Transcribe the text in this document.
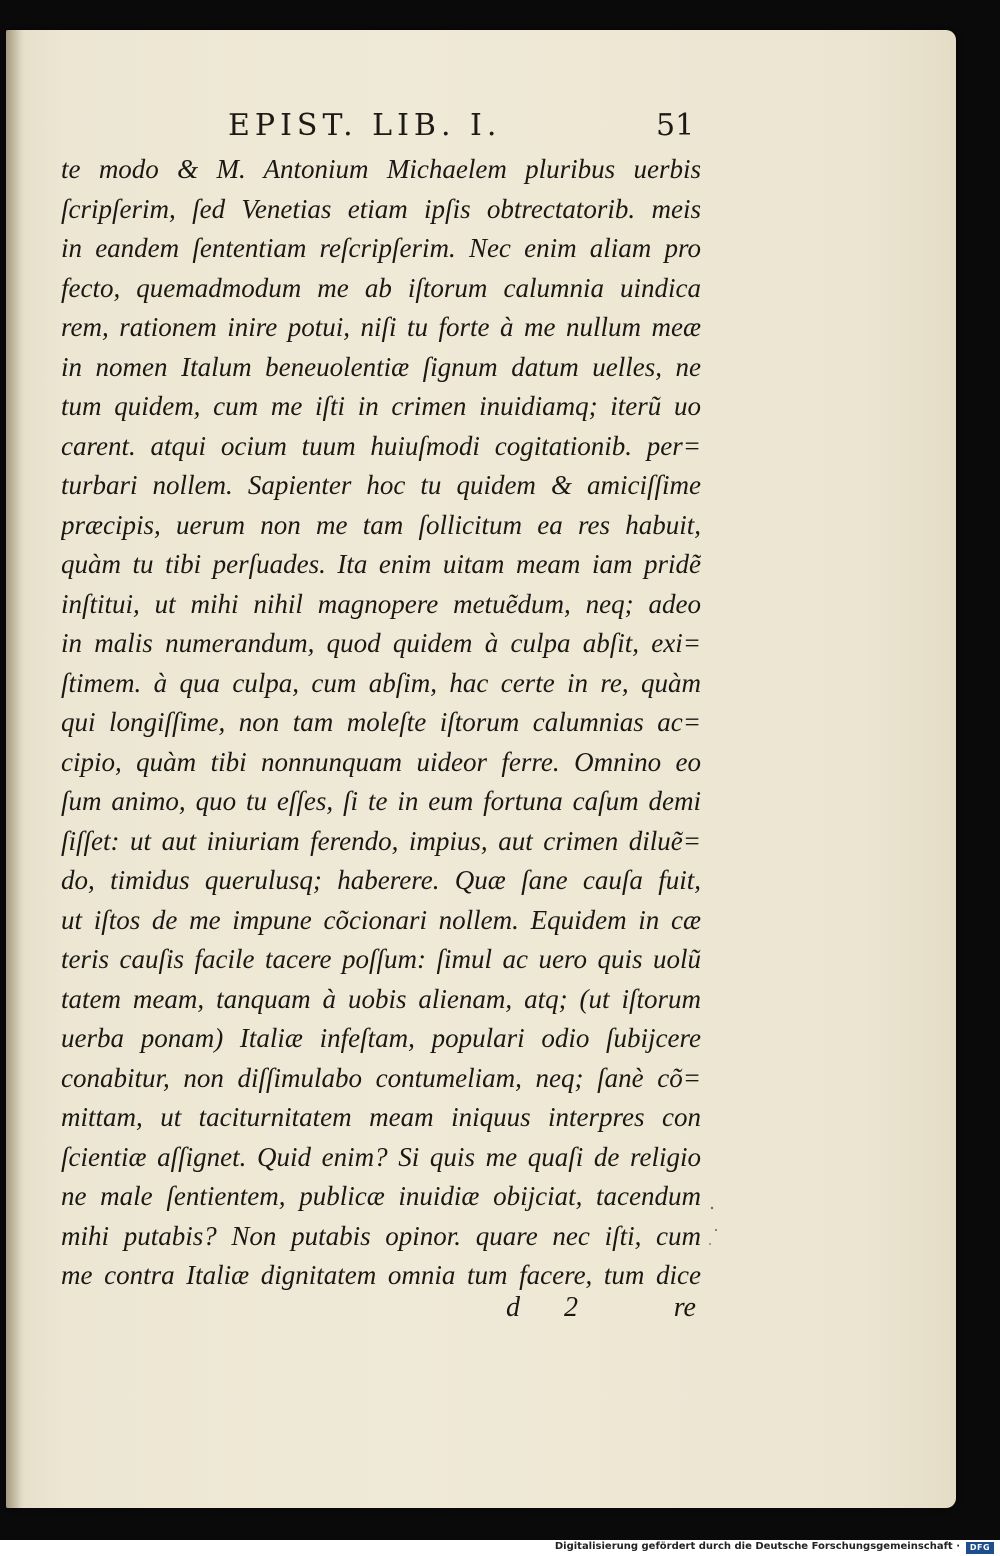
EPIST. LIB. I.	51
te modo & M. Antonium Michaelem pluribus uerbis
ſcripſerim, ſed Venetias etiam ipſis obtrectatorib. meis
in eandem ſententiam reſcripſerim. Nec enim aliam pro
fecto, quemadmodum me ab iſtorum calumnia uindica
rem, rationem inire potui, niſi tu forte à me nullum meæ
in nomen Italum beneuolentiæ ſignum datum uelles, ne
tum quidem, cum me iſti in crimen inuidiamq; iterũ uo
carent. atqui ocium tuum huiuſmodi cogitationib. per=
turbari nollem. Sapienter hoc tu quidem & amiciſſime
præcipis, uerum non me tam ſollicitum ea res habuit,
quàm tu tibi perſuades. Ita enim uitam meam iam pridẽ
inſtitui, ut mihi nihil magnopere metuẽdum, neq; adeo
in malis numerandum, quod quidem à culpa abſit, exi=
ſtimem. à qua culpa, cum abſim, hac certe in re, quàm
qui longiſſime, non tam moleſte iſtorum calumnias ac=
cipio, quàm tibi nonnunquam uideor ferre. Omnino eo
ſum animo, quo tu eſſes, ſi te in eum fortuna caſum demi
ſiſſet: ut aut iniuriam ferendo, impius, aut crimen diluẽ=
do, timidus querulusq; haberere. Quæ ſane cauſa fuit,
ut iſtos de me impune cõcionari nollem. Equidem in cæ
teris cauſis facile tacere poſſum: ſimul ac uero quis uolũ
tatem meam, tanquam à uobis alienam, atq; (ut iſtorum
uerba ponam) Italiæ infeſtam, populari odio ſubijcere
conabitur, non diſſimulabo contumeliam, neq; ſanè cõ=
mittam, ut taciturnitatem meam iniquus interpres con
ſcientiæ aſſignet. Quid enim? Si quis me quaſi de religio
ne male ſentientem, publicæ inuidiæ obijciat, tacendum
mihi putabis? Non putabis opinor. quare nec iſti, cum
me contra Italiæ dignitatem omnia tum facere, tum dice
d 2	re
Digitalisierung gefördert durch die Deutsche Forschungsgemeinschaft ·	DFG
